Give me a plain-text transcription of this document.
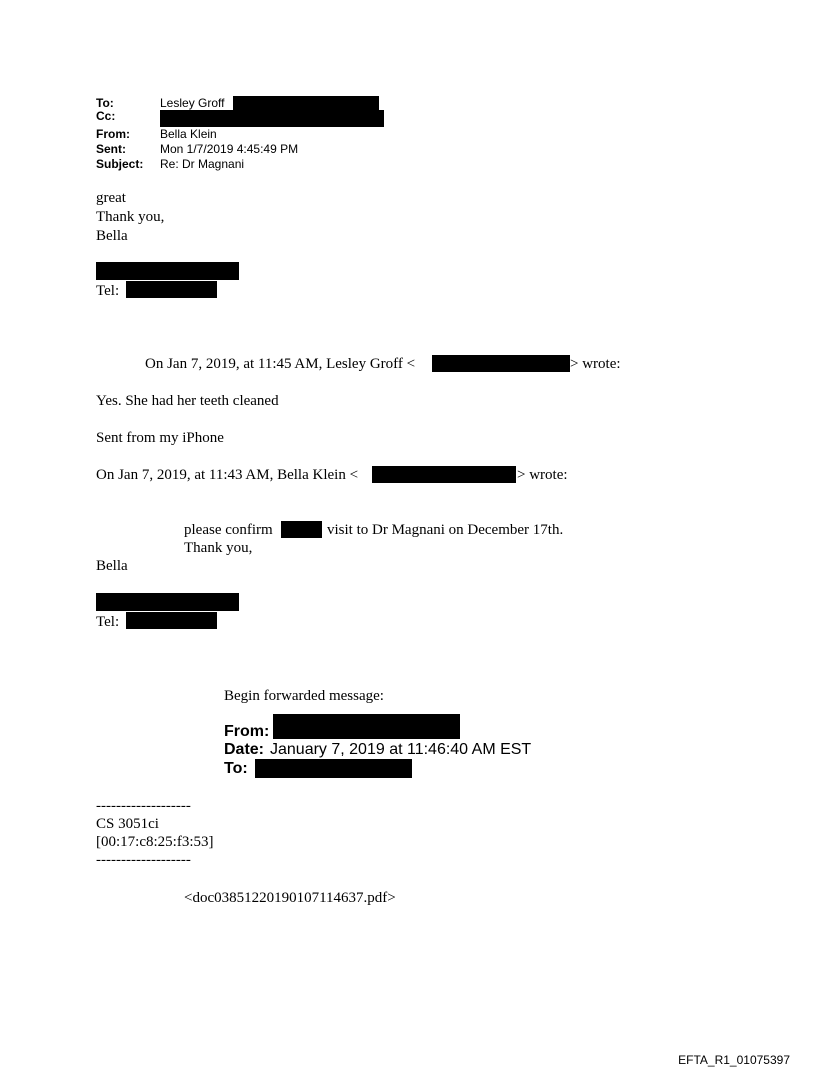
To:	Lesley Groff
Cc:
From:	Bella Klein
Sent:	Mon 1/7/2019 4:45:49 PM
Subject: Re: Dr Magnani
great
Thank you,
Bella
Tel:
On Jan 7, 2019, at 11:45 AM, Lesley Groff <	> wrote:
Yes. She had her teeth cleaned
Sent from my iPhone
On Jan 7, 2019, at 11:43 AM, Bella Klein <	> wrote:
please confirm	visit to Dr Magnani on December 17th.
Thank you,
Bella
Tel:
Begin forwarded message:
From:
Date: January 7, 2019 at 11:46:40 AM EST
To:
-------------------
CS 3051ci
[00:17:c8:25:f3:53]
-------------------
<doc03851220190107114637.pdf>
EFTA_R1_01075397
